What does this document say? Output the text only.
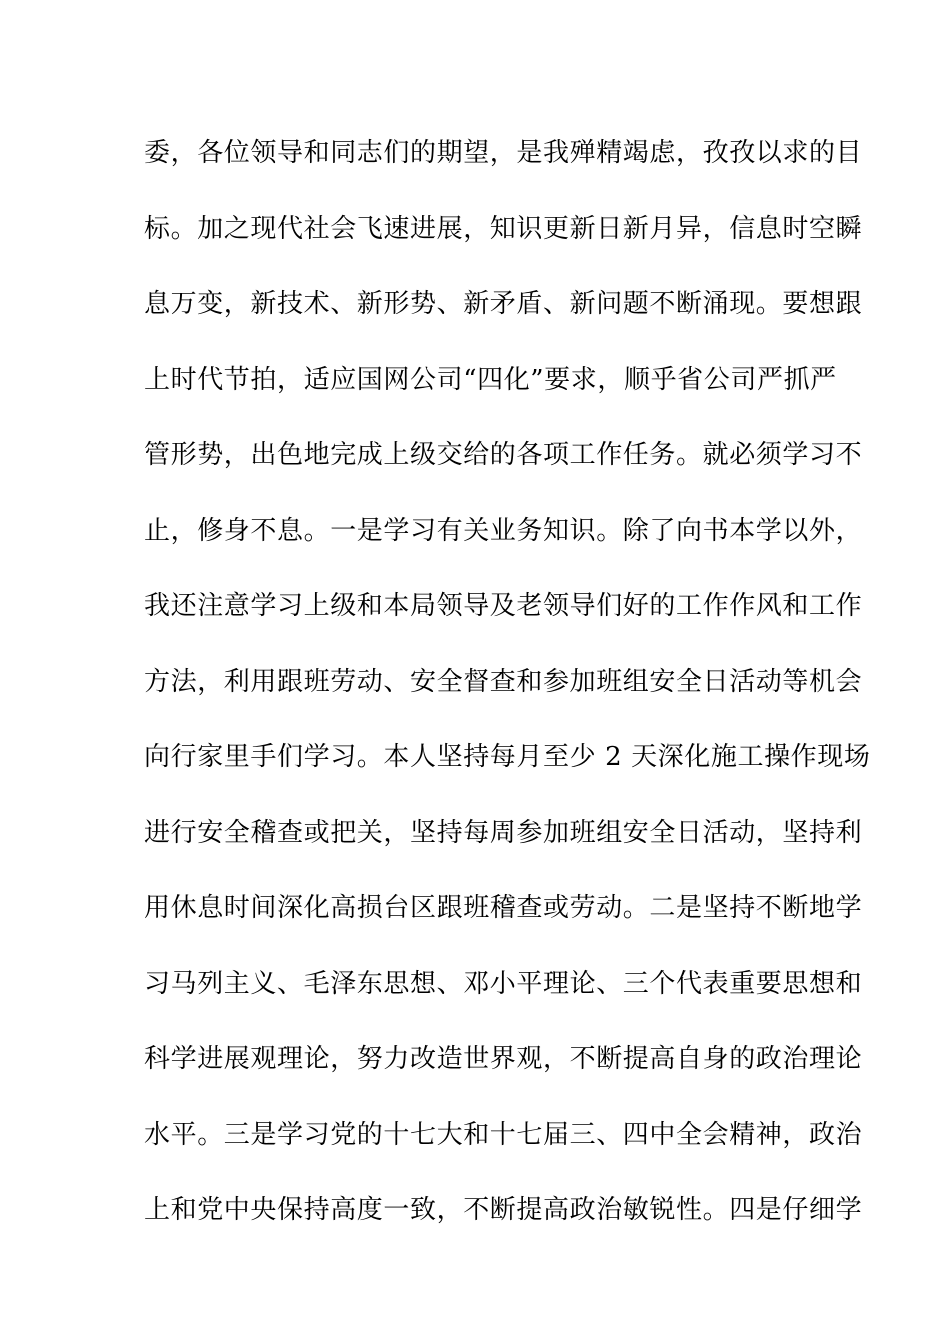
委，各位领导和同志们的期望，是我殚精竭虑，孜孜以求的目
标。加之现代社会飞速进展，知识更新日新月异，信息时空瞬
息万变，新技术、新形势、新矛盾、新问题不断涌现。要想跟
上时代节拍，适应国网公司“四化”要求，顺乎省公司严抓严
管形势，出色地完成上级交给的各项工作任务。就必须学习不
止，修身不息。一是学习有关业务知识。除了向书本学以外，
我还注意学习上级和本局领导及老领导们好的工作作风和工作
方法，利用跟班劳动、安全督查和参加班组安全日活动等机会
向行家里手们学习。本人坚持每月至少 2 天深化施工操作现场
进行安全稽查或把关，坚持每周参加班组安全日活动，坚持利
用休息时间深化高损台区跟班稽查或劳动。二是坚持不断地学
习马列主义、毛泽东思想、邓小平理论、三个代表重要思想和
科学进展观理论，努力改造世界观，不断提高自身的政治理论
水平。三是学习党的十七大和十七届三、四中全会精神，政治
上和党中央保持高度一致，不断提高政治敏锐性。四是仔细学
